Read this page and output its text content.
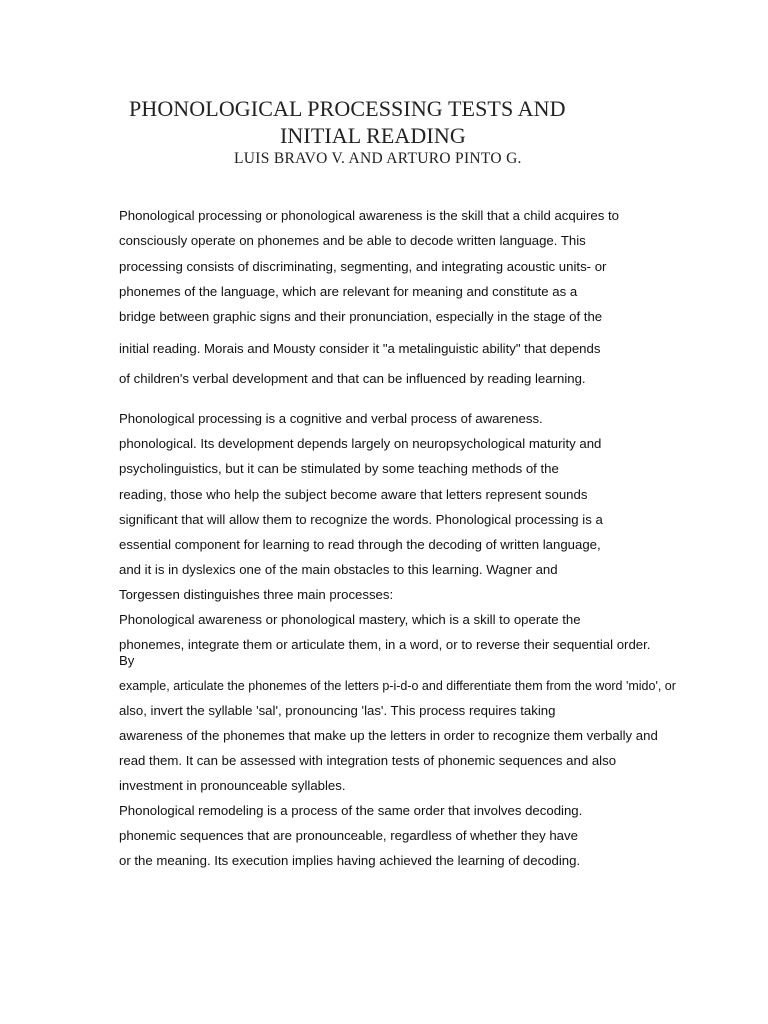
PHONOLOGICAL PROCESSING TESTS AND
INITIAL READING
LUIS BRAVO V. AND ARTURO PINTO G.
Phonological processing or phonological awareness is the skill that a child acquires to
consciously operate on phonemes and be able to decode written language. This
processing consists of discriminating, segmenting, and integrating acoustic units- or
phonemes of the language, which are relevant for meaning and constitute as a
bridge between graphic signs and their pronunciation, especially in the stage of the
initial reading. Morais and Mousty consider it "a metalinguistic ability" that depends
of children's verbal development and that can be influenced by reading learning.
Phonological processing is a cognitive and verbal process of awareness.
phonological. Its development depends largely on neuropsychological maturity and
psycholinguistics, but it can be stimulated by some teaching methods of the
reading, those who help the subject become aware that letters represent sounds
significant that will allow them to recognize the words. Phonological processing is a
essential component for learning to read through the decoding of written language,
and it is in dyslexics one of the main obstacles to this learning. Wagner and
Torgessen distinguishes three main processes:
Phonological awareness or phonological mastery, which is a skill to operate the
phonemes, integrate them or articulate them, in a word, or to reverse their sequential order.
By
example, articulate the phonemes of the letters p-i-d-o and differentiate them from the word 'mido', or
also, invert the syllable 'sal', pronouncing 'las'. This process requires taking
awareness of the phonemes that make up the letters in order to recognize them verbally and
read them. It can be assessed with integration tests of phonemic sequences and also
investment in pronounceable syllables.
Phonological remodeling is a process of the same order that involves decoding.
phonemic sequences that are pronounceable, regardless of whether they have
or the meaning. Its execution implies having achieved the learning of decoding.
